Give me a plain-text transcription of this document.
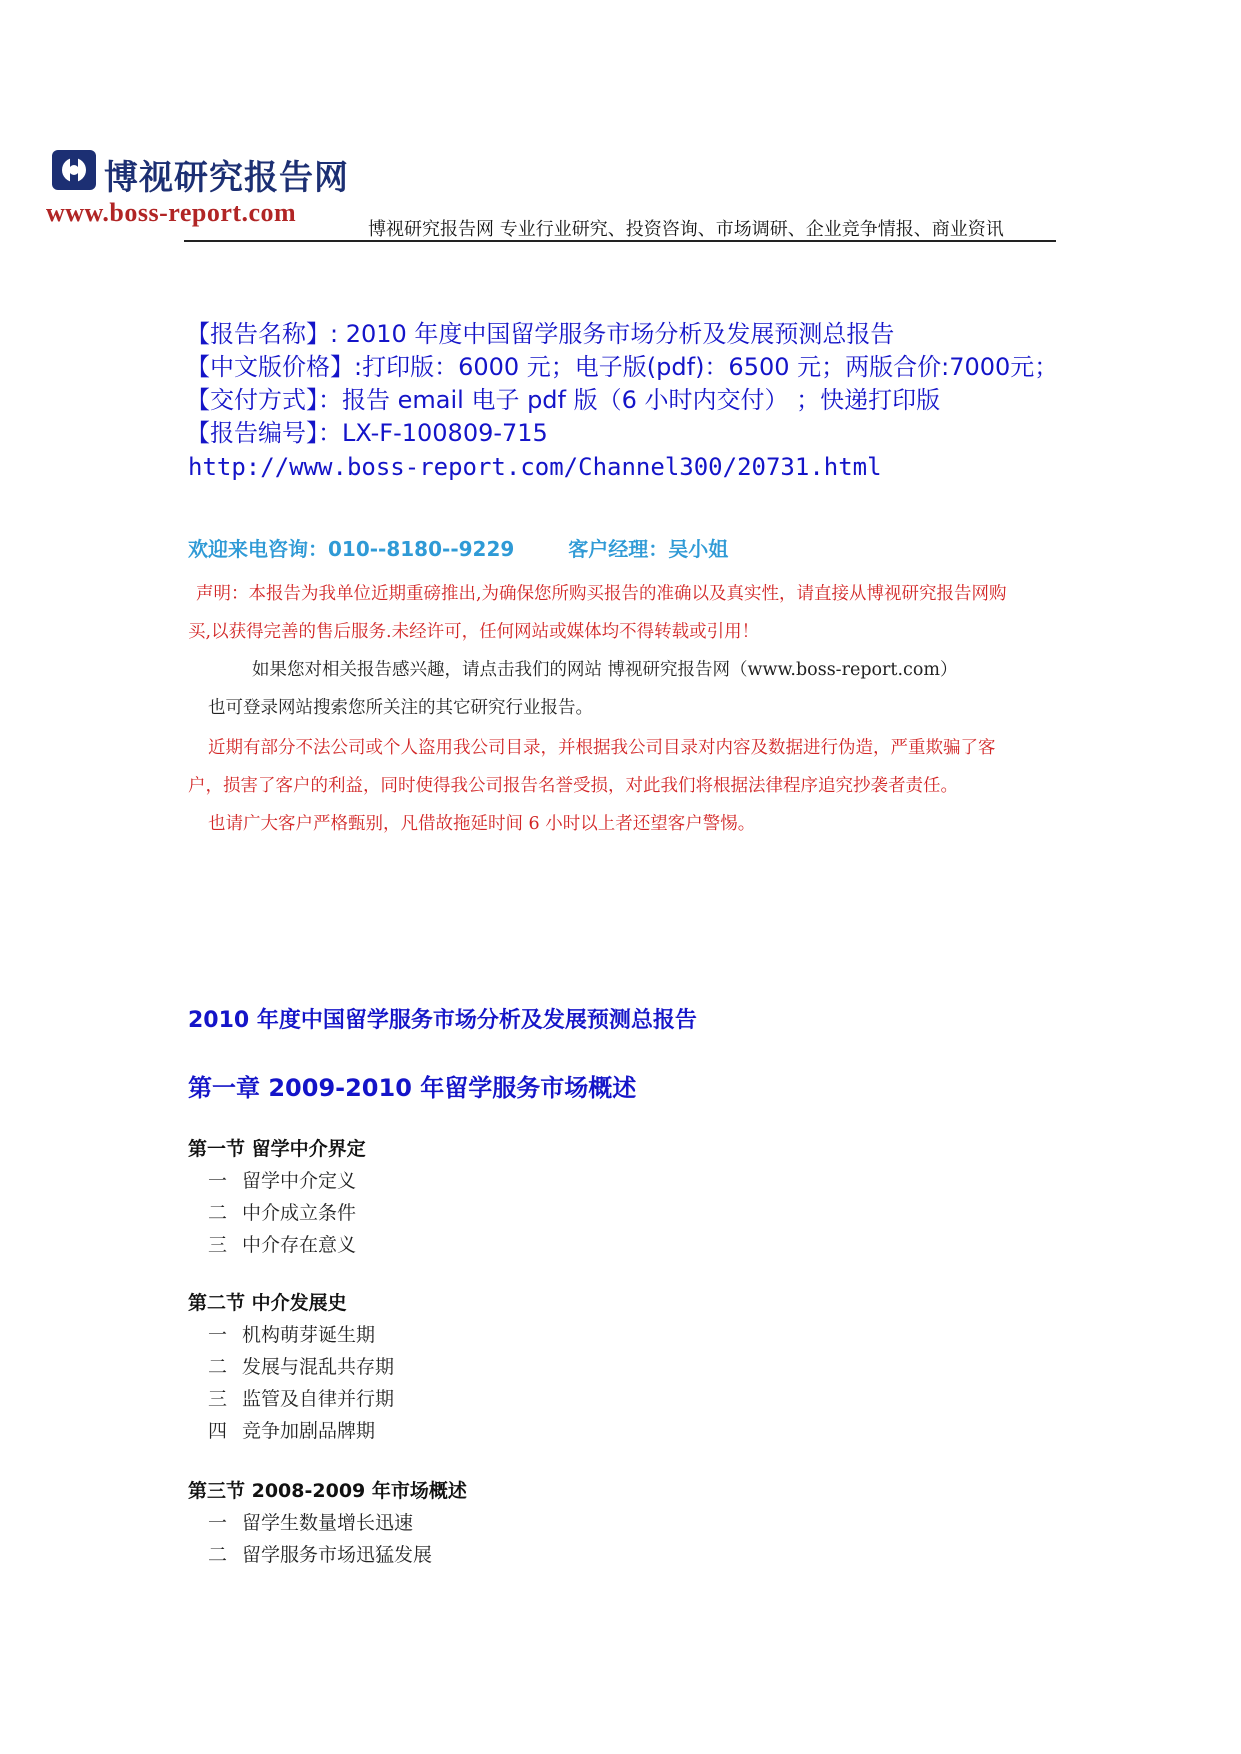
博视研究报告网
www.boss-report.com
博视研究报告网 专业行业研究、投资咨询、市场调研、企业竞争情报、商业资讯
【报告名称】: 2010 年度中国留学服务市场分析及发展预测总报告
【中文版价格】:打印版：6000 元；电子版(pdf)：6500 元；两版合价:7000元；
【交付方式】：报告 email 电子 pdf 版（6 小时内交付） ；快递打印版
【报告编号】：LX-F-100809-715
http://www.boss-report.com/Channel300/20731.html
欢迎来电咨询：010--8180--9229	客户经理：吴小姐
声明：本报告为我单位近期重磅推出,为确保您所购买报告的准确以及真实性，请直接从博视研究报告网购
买,以获得完善的售后服务.未经许可，任何网站或媒体均不得转载或引用！
如果您对相关报告感兴趣，请点击我们的网站 博视研究报告网（www.boss-report.com）
也可登录网站搜索您所关注的其它研究行业报告。
近期有部分不法公司或个人盗用我公司目录，并根据我公司目录对内容及数据进行伪造，严重欺骗了客
户，损害了客户的利益，同时使得我公司报告名誉受损，对此我们将根据法律程序追究抄袭者责任。
也请广大客户严格甄别，凡借故拖延时间 6 小时以上者还望客户警惕。
2010 年度中国留学服务市场分析及发展预测总报告
第一章 2009-2010 年留学服务市场概述
第一节 留学中介界定
一 留学中介定义
二 中介成立条件
三 中介存在意义
第二节 中介发展史
一 机构萌芽诞生期
二 发展与混乱共存期
三 监管及自律并行期
四 竞争加剧品牌期
第三节 2008-2009 年市场概述
一 留学生数量增长迅速
二 留学服务市场迅猛发展
